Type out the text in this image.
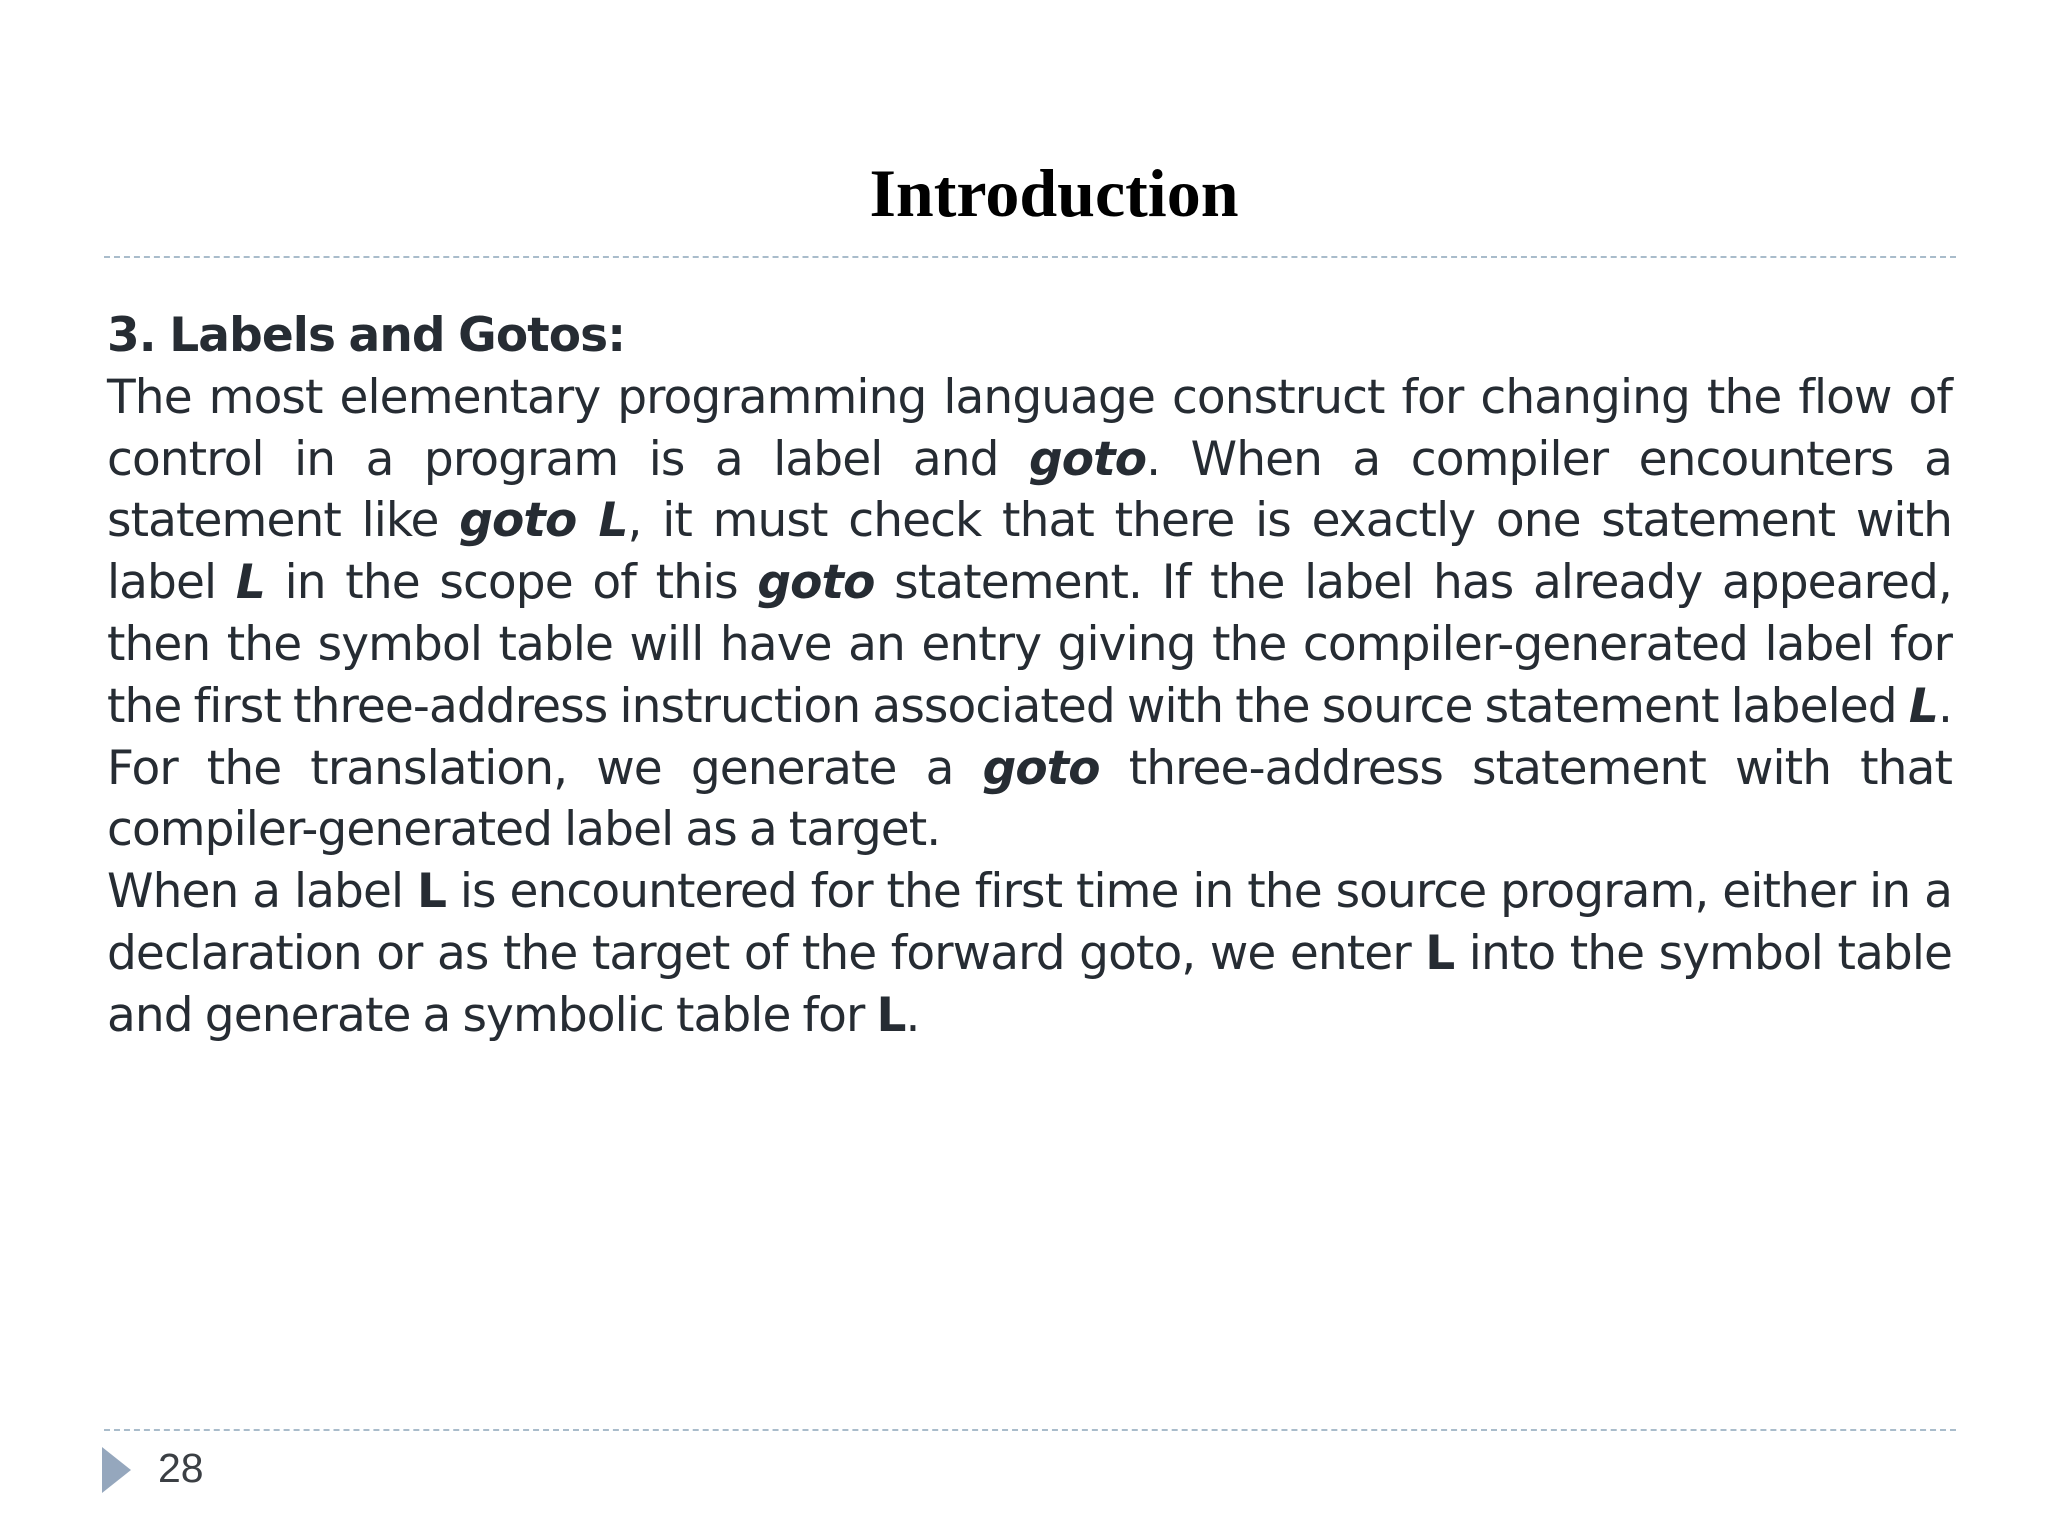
Introduction

3. Labels and Gotos:

The most elementary programming language construct for changing the flow of control in a program is a label and goto. When a compiler encounters a statement like goto L, it must check that there is exactly one statement with label L in the scope of this goto statement. If the label has already appeared, then the symbol table will have an entry giving the compiler-generated label for the first three-address instruction associated with the source statement labeled L. For the translation, we generate a goto three-address statement with that compiler-generated label as a target.

When a label L is encountered for the first time in the source program, either in a declaration or as the target of the forward goto, we enter L into the symbol table and generate a symbolic table for L.

28
